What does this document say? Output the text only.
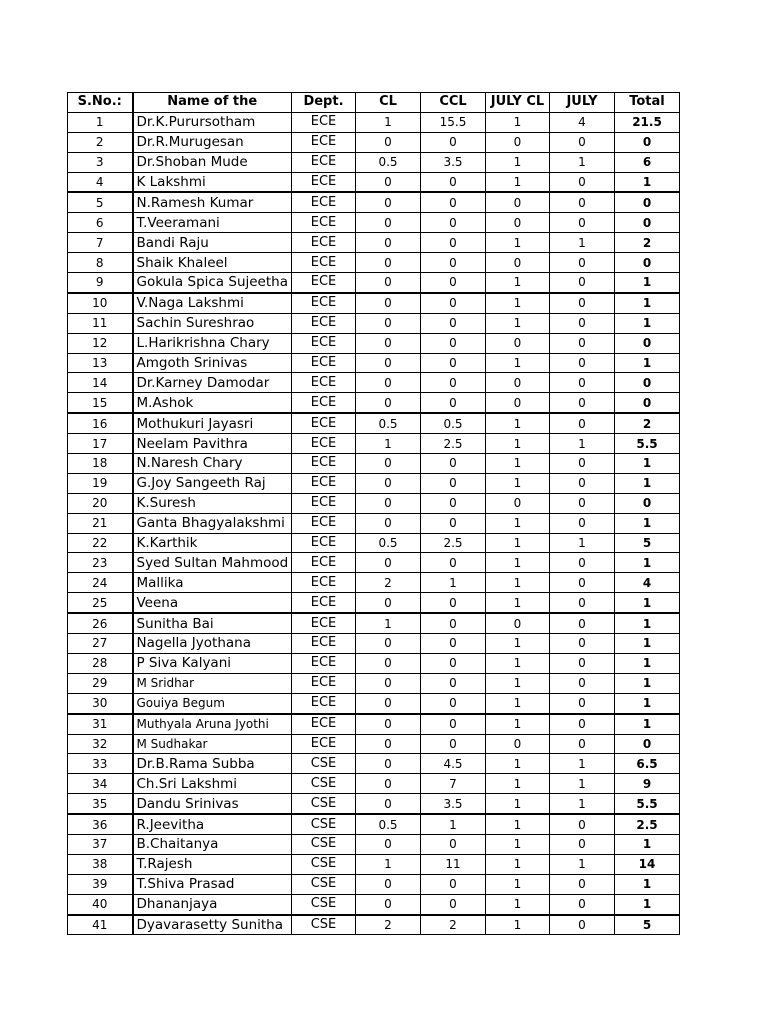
S.No.:	Name of the	Dept.	CL	CCL	JULY CL	JULY	Total
1	Dr.K.Purursotham	ECE	1	15.5	1	4	21.5
2	Dr.R.Murugesan	ECE	0	0	0	0	0
3	Dr.Shoban Mude	ECE	0.5	3.5	1	1	6
4	K Lakshmi	ECE	0	0	1	0	1
5	N.Ramesh Kumar	ECE	0	0	0	0	0
6	T.Veeramani	ECE	0	0	0	0	0
7	Bandi Raju	ECE	0	0	1	1	2
8	Shaik Khaleel	ECE	0	0	0	0	0
9	Gokula Spica Sujeetha	ECE	0	0	1	0	1
10	V.Naga Lakshmi	ECE	0	0	1	0	1
11	Sachin Sureshrao	ECE	0	0	1	0	1
12	L.Harikrishna Chary	ECE	0	0	0	0	0
13	Amgoth Srinivas	ECE	0	0	1	0	1
14	Dr.Karney Damodar	ECE	0	0	0	0	0
15	M.Ashok	ECE	0	0	0	0	0
16	Mothukuri Jayasri	ECE	0.5	0.5	1	0	2
17	Neelam Pavithra	ECE	1	2.5	1	1	5.5
18	N.Naresh Chary	ECE	0	0	1	0	1
19	G.Joy Sangeeth Raj	ECE	0	0	1	0	1
20	K.Suresh	ECE	0	0	0	0	0
21	Ganta Bhagyalakshmi	ECE	0	0	1	0	1
22	K.Karthik	ECE	0.5	2.5	1	1	5
23	Syed Sultan Mahmood	ECE	0	0	1	0	1
24	Mallika	ECE	2	1	1	0	4
25	Veena	ECE	0	0	1	0	1
26	Sunitha Bai	ECE	1	0	0	0	1
27	Nagella Jyothana	ECE	0	0	1	0	1
28	P Siva Kalyani	ECE	0	0	1	0	1
29	M Sridhar	ECE	0	0	1	0	1
30	Gouiya Begum	ECE	0	0	1	0	1
31	Muthyala Aruna Jyothi	ECE	0	0	1	0	1
32	M Sudhakar	ECE	0	0	0	0	0
33	Dr.B.Rama Subba	CSE	0	4.5	1	1	6.5
34	Ch.Sri Lakshmi	CSE	0	7	1	1	9
35	Dandu Srinivas	CSE	0	3.5	1	1	5.5
36	R.Jeevitha	CSE	0.5	1	1	0	2.5
37	B.Chaitanya	CSE	0	0	1	0	1
38	T.Rajesh	CSE	1	11	1	1	14
39	T.Shiva Prasad	CSE	0	0	1	0	1
40	Dhananjaya	CSE	0	0	1	0	1
41	Dyavarasetty Sunitha	CSE	2	2	1	0	5
